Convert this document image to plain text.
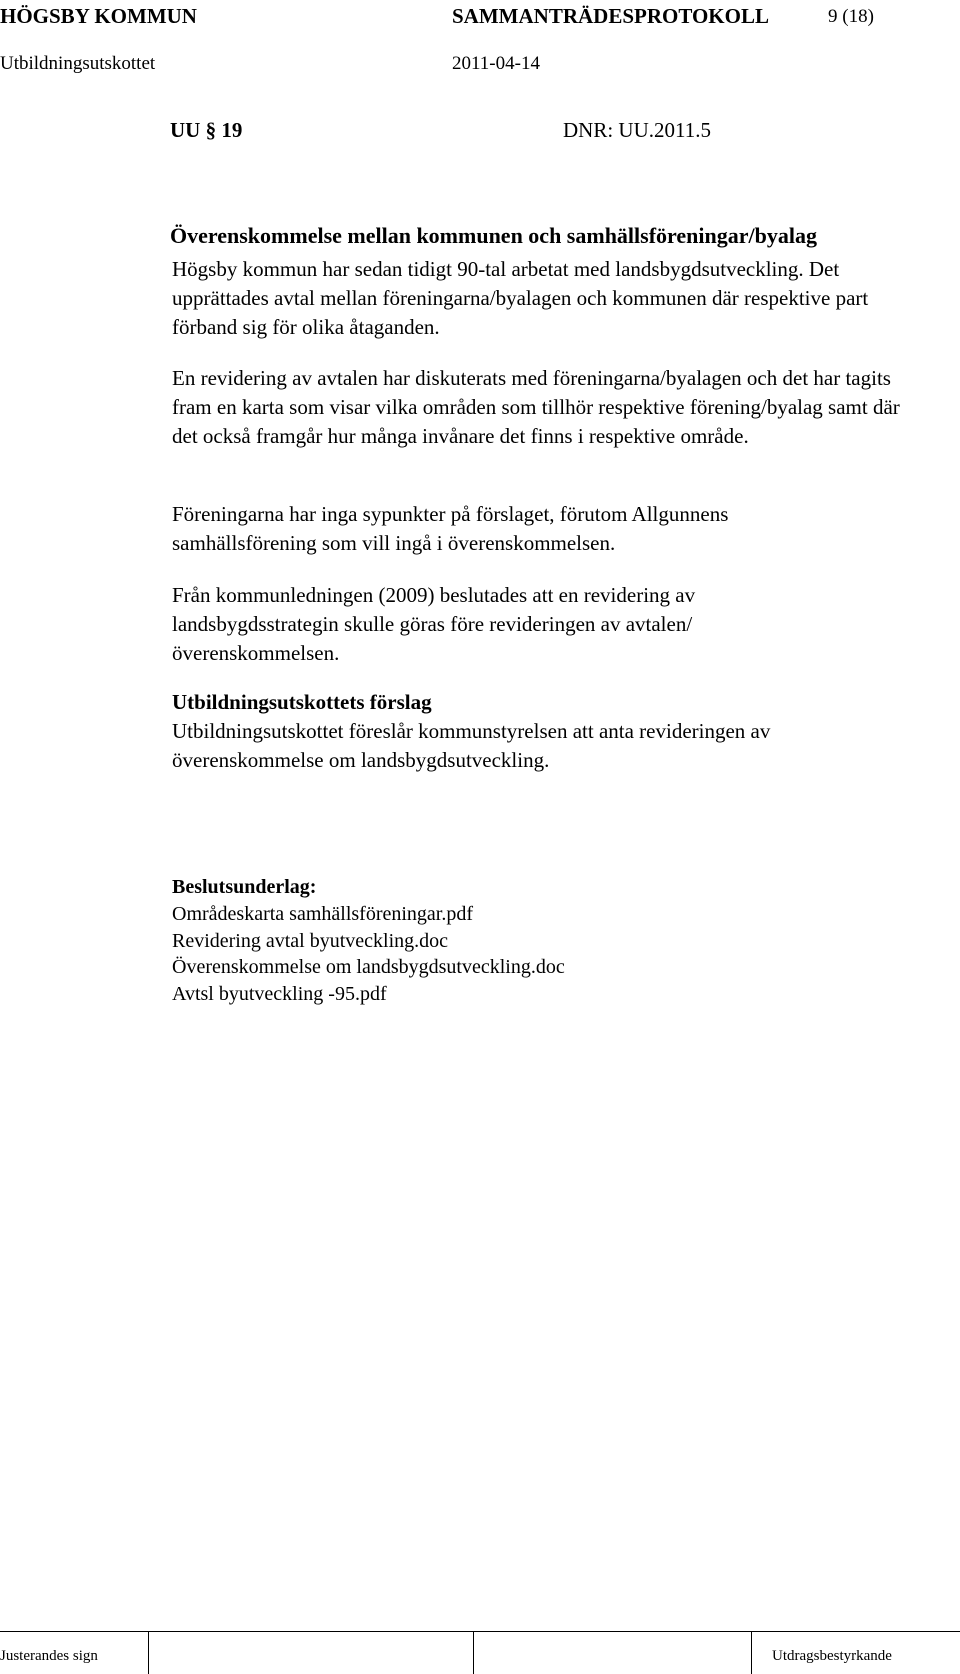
HÖGSBY KOMMUN	SAMMANTRÄDESPROTOKOLL	9 (18)
Utbildningsutskottet	2011-04-14
UU § 19	DNR: UU.2011.5
Överenskommelse mellan kommunen och samhällsföreningar/byalag

Högsby kommun har sedan tidigt 90-tal arbetat med landsbygdsutveckling. Det upprättades avtal mellan föreningarna/byalagen och kommunen där respektive part förband sig för olika åtaganden.

En revidering av avtalen har diskuterats med föreningarna/byalagen och det har tagits fram en karta som visar vilka områden som tillhör respektive förening/byalag samt där det också framgår hur många invånare det finns i respektive område.

Föreningarna har inga sypunkter på förslaget, förutom Allgunnens samhällsförening som vill ingå i överenskommelsen.

Från kommunledningen (2009) beslutades att en revidering av landsbygdsstrategin skulle göras före revideringen av avtalen/överenskommelsen.

Utbildningsutskottets förslag

Utbildningsutskottet föreslår kommunstyrelsen att anta revideringen av överenskommelse om landsbygdsutveckling.

Beslutsunderlag:
Områdeskarta samhällsföreningar.pdf
Revidering avtal byutveckling.doc
Överenskommelse om landsbygdsutveckling.doc
Avtsl byutveckling -95.pdf
Justerandes sign	Utdragsbestyrkande
